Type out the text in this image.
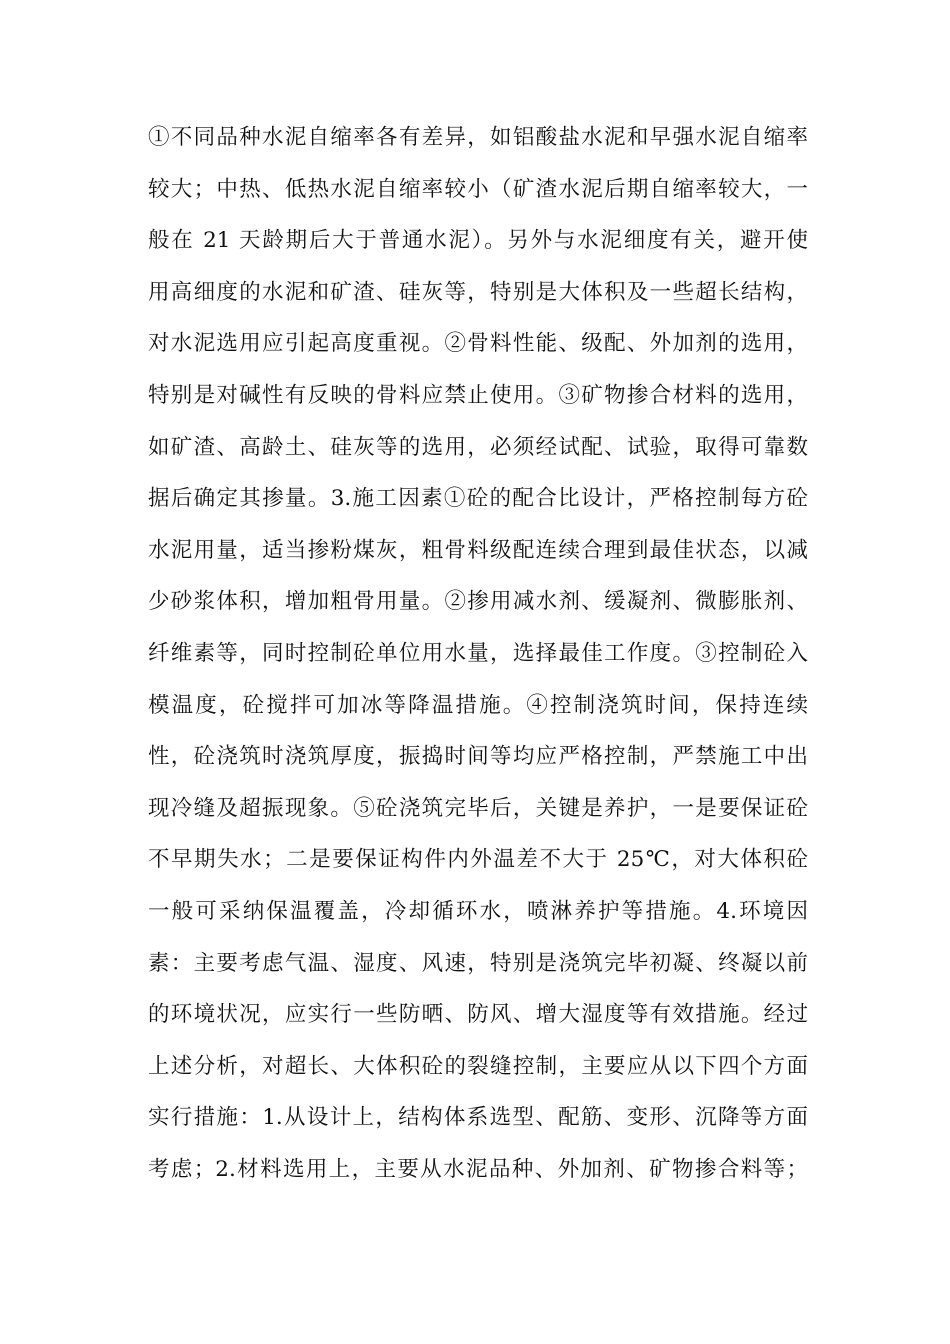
①不同品种水泥自缩率各有差异，如铝酸盐水泥和早强水泥自缩率
较大；中热、低热水泥自缩率较小（矿渣水泥后期自缩率较大，一
般在 21 天龄期后大于普通水泥）。另外与水泥细度有关，避开使
用高细度的水泥和矿渣、硅灰等，特别是大体积及一些超长结构，
对水泥选用应引起高度重视。②骨料性能、级配、外加剂的选用，
特别是对碱性有反映的骨料应禁止使用。③矿物掺合材料的选用，
如矿渣、高龄土、硅灰等的选用，必须经试配、试验，取得可靠数
据后确定其掺量。3.施工因素①砼的配合比设计，严格控制每方砼
水泥用量，适当掺粉煤灰，粗骨料级配连续合理到最佳状态，以减
少砂浆体积，增加粗骨用量。②掺用减水剂、缓凝剂、微膨胀剂、
纤维素等，同时控制砼单位用水量，选择最佳工作度。③控制砼入
模温度，砼搅拌可加冰等降温措施。④控制浇筑时间，保持连续
性，砼浇筑时浇筑厚度，振捣时间等均应严格控制，严禁施工中出
现冷缝及超振现象。⑤砼浇筑完毕后，关键是养护，一是要保证砼
不早期失水；二是要保证构件内外温差不大于 25℃，对大体积砼
一般可采纳保温覆盖，冷却循环水，喷淋养护等措施。4.环境因
素：主要考虑气温、湿度、风速，特别是浇筑完毕初凝、终凝以前
的环境状况，应实行一些防晒、防风、增大湿度等有效措施。经过
上述分析，对超长、大体积砼的裂缝控制，主要应从以下四个方面
实行措施：1.从设计上，结构体系选型、配筋、变形、沉降等方面
考虑；2.材料选用上，主要从水泥品种、外加剂、矿物掺合料等；
